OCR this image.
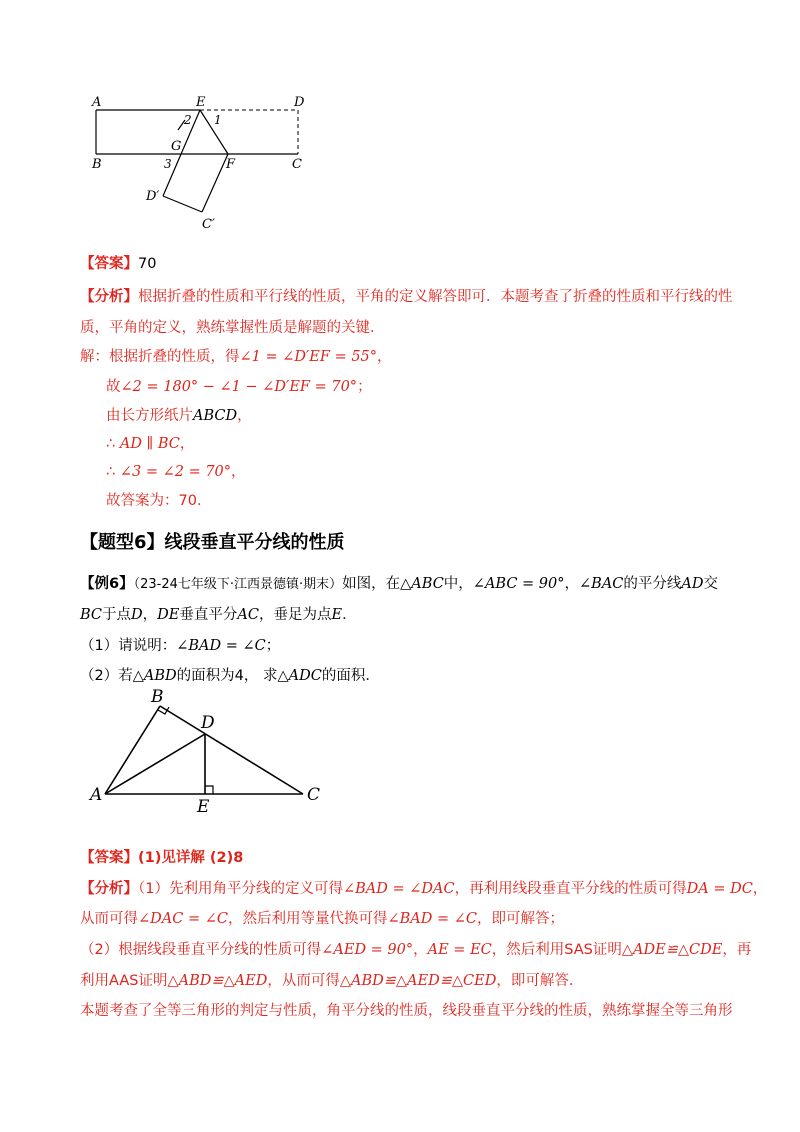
A	E	D
B
G
F	C
D′
C′
1
2
3
【答案】70
【分析】根据折叠的性质和平行线的性质，平角的定义解答即可．本题考查了折叠的性质和平行线的性
质，平角的定义，熟练掌握性质是解题的关键．
解：根据折叠的性质，得∠1 = ∠D′EF = 55°，
故∠2 = 180° − ∠1 − ∠D′EF = 70°；
由长方形纸片ABCD，
∴ AD ∥ BC，
∴ ∠3 = ∠2 = 70°，
故答案为：70．
【题型6】线段垂直平分线的性质
【例6】（23-24七年级下·江西景德镇·期末）如图，在△ABC中，∠ABC = 90°，∠BAC的平分线AD交
BC于点D，DE垂直平分AC，垂足为点E．
（1）请说明：∠BAD = ∠C；
（2）若△ABD的面积为4， 求△ADC的面积．
A
B
D
E
C
【答案】(1)见详解 (2)8
【分析】（1）先利用角平分线的定义可得∠BAD = ∠DAC，再利用线段垂直平分线的性质可得DA = DC，
从而可得∠DAC = ∠C，然后利用等量代换可得∠BAD = ∠C，即可解答；
（2）根据线段垂直平分线的性质可得∠AED = 90°，AE = EC，然后利用SAS证明△ADE≌△CDE，再
利用AAS证明△ABD≌△AED，从而可得△ABD≌△AED≌△CED，即可解答．
本题考查了全等三角形的判定与性质，角平分线的性质，线段垂直平分线的性质，熟练掌握全等三角形
